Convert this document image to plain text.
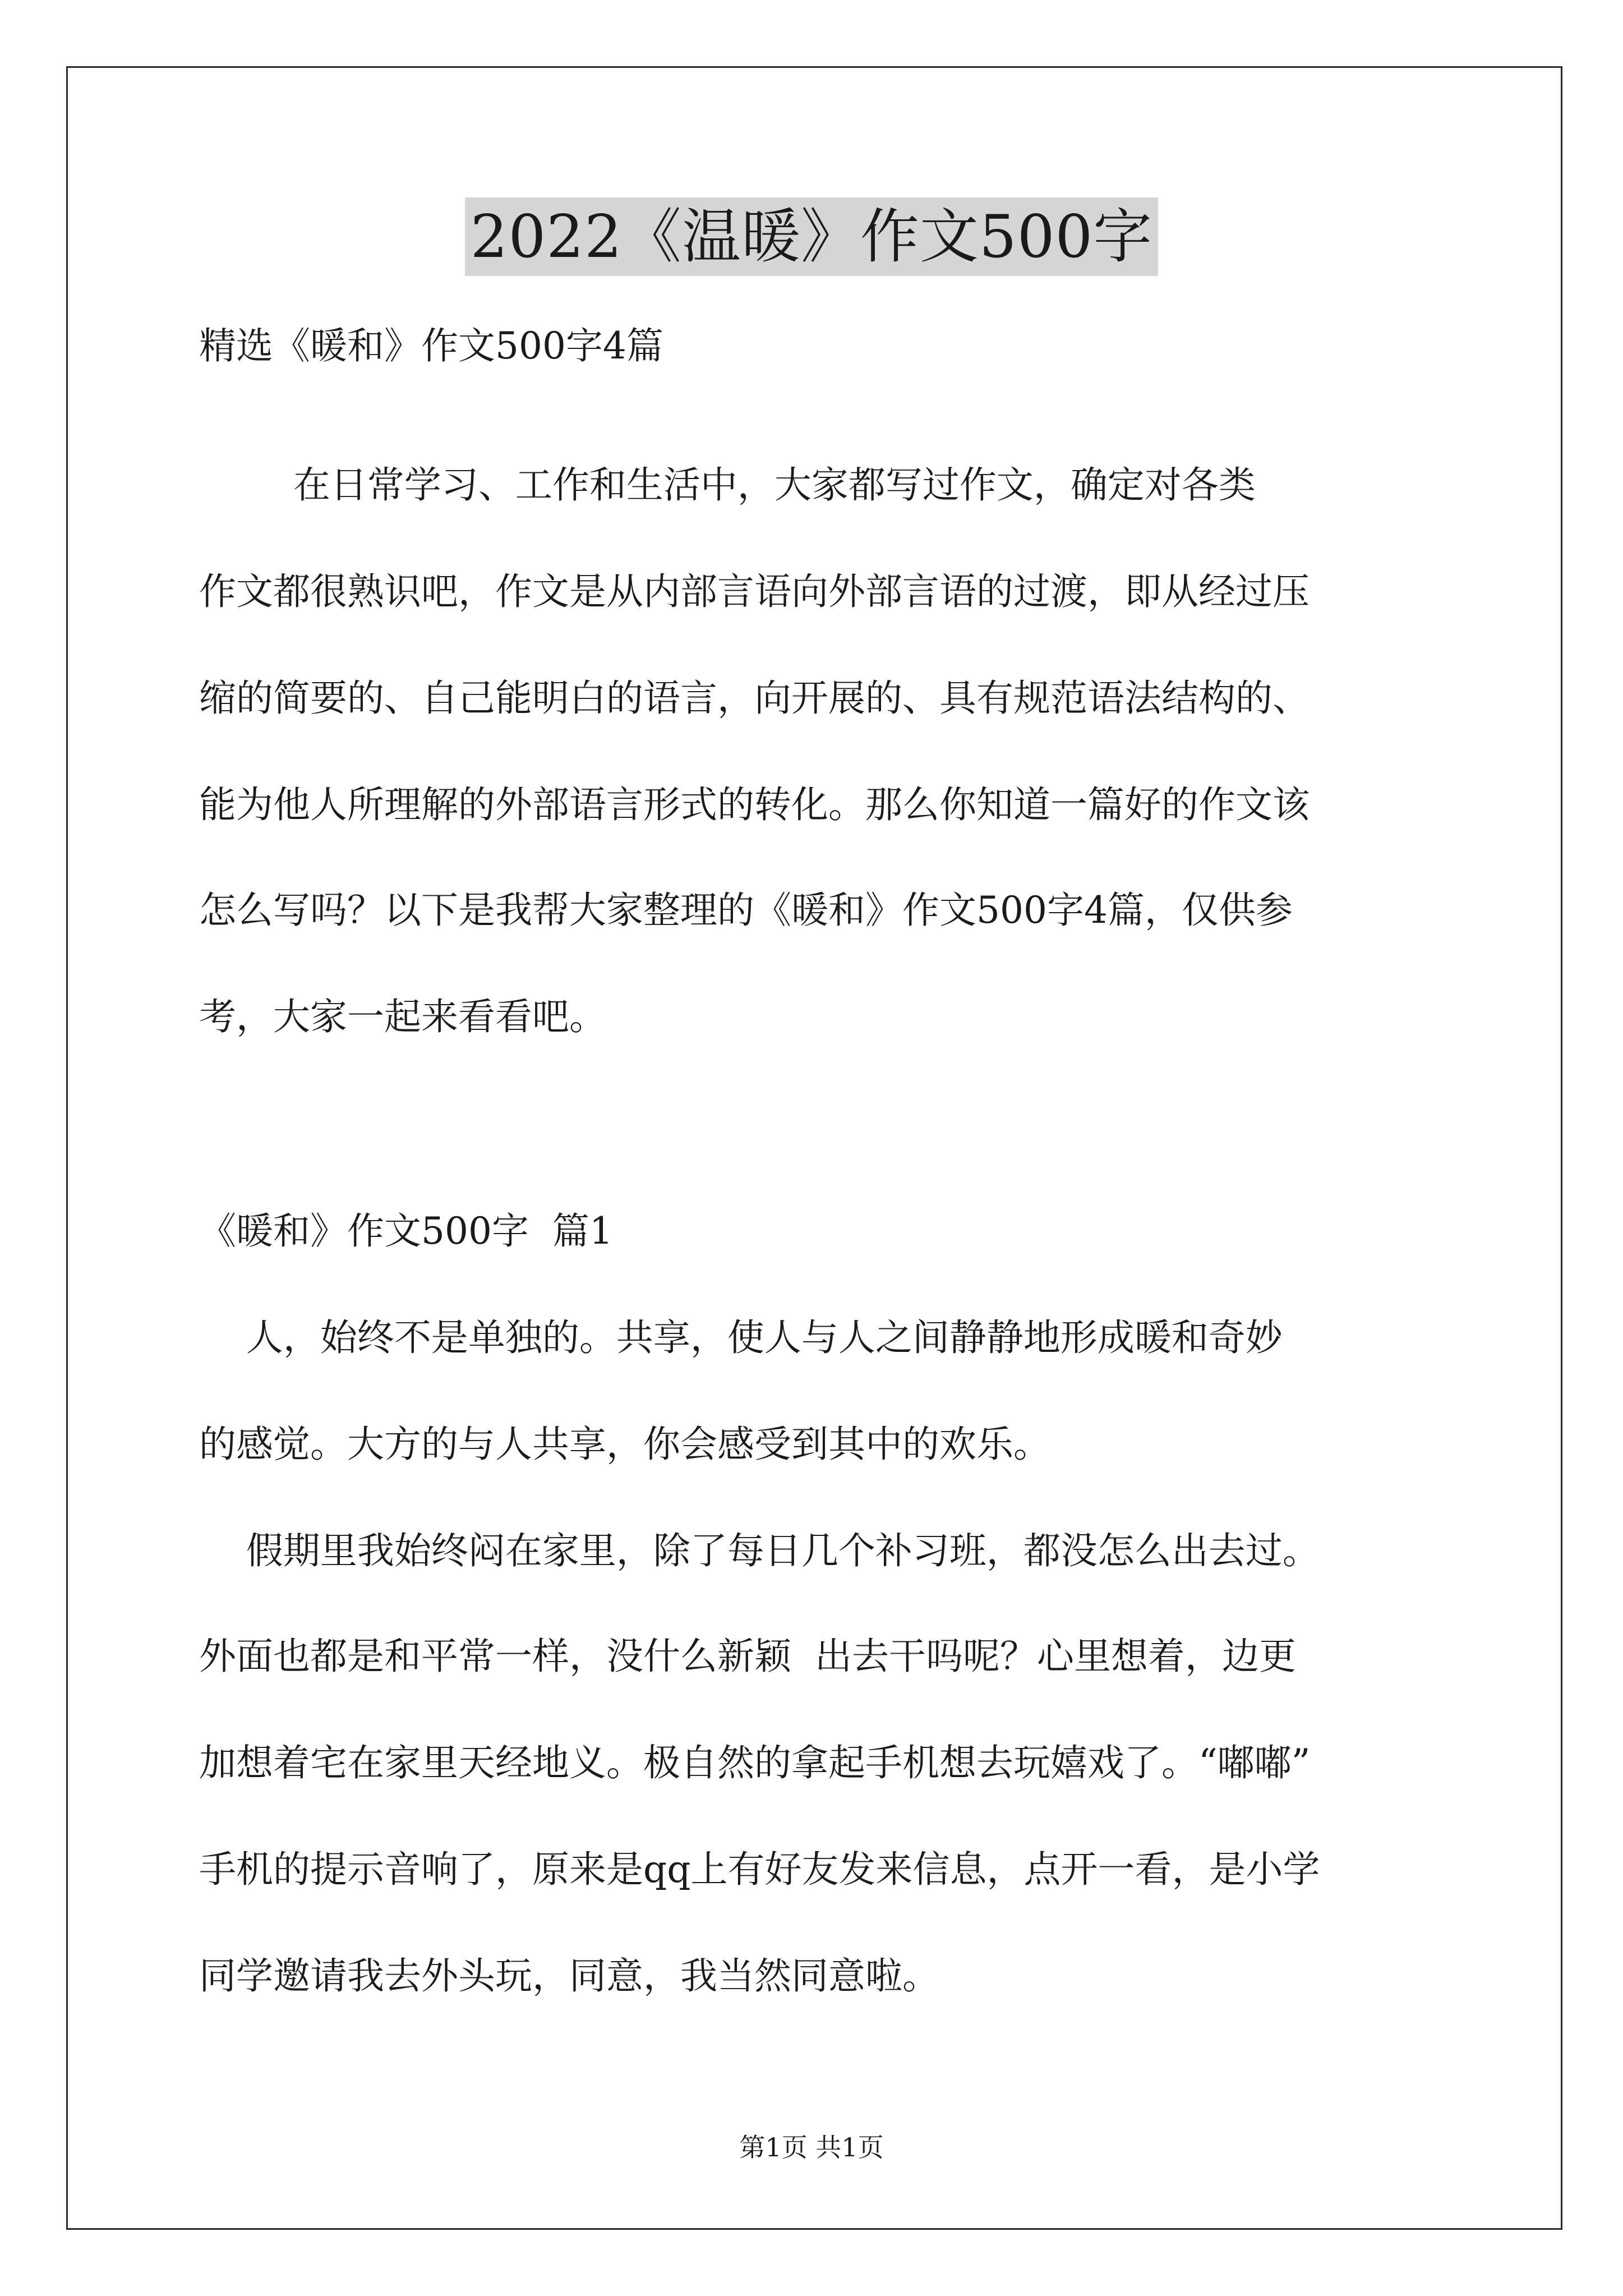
2022《温暖》作文500字
精选《暖和》作文500字4篇
在日常学习、工作和生活中，大家都写过作文，确定对各类
作文都很熟识吧，作文是从内部言语向外部言语的过渡，即从经过压
缩的简要的、自己能明白的语言，向开展的、具有规范语法结构的、
能为他人所理解的外部语言形式的转化。那么你知道一篇好的作文该
怎么写吗？以下是我帮大家整理的《暖和》作文500字4篇，仅供参
考，大家一起来看看吧。
《暖和》作文500字  篇1
人，始终不是单独的。共享，使人与人之间静静地形成暖和奇妙
的感觉。大方的与人共享，你会感受到其中的欢乐。
假期里我始终闷在家里，除了每日几个补习班，都没怎么出去过。
外面也都是和平常一样，没什么新颖  出去干吗呢？心里想着，边更
加想着宅在家里天经地义。极自然的拿起手机想去玩嬉戏了。“嘟嘟”
手机的提示音响了，原来是qq上有好友发来信息，点开一看，是小学
同学邀请我去外头玩，同意，我当然同意啦。
第1页 共1页
